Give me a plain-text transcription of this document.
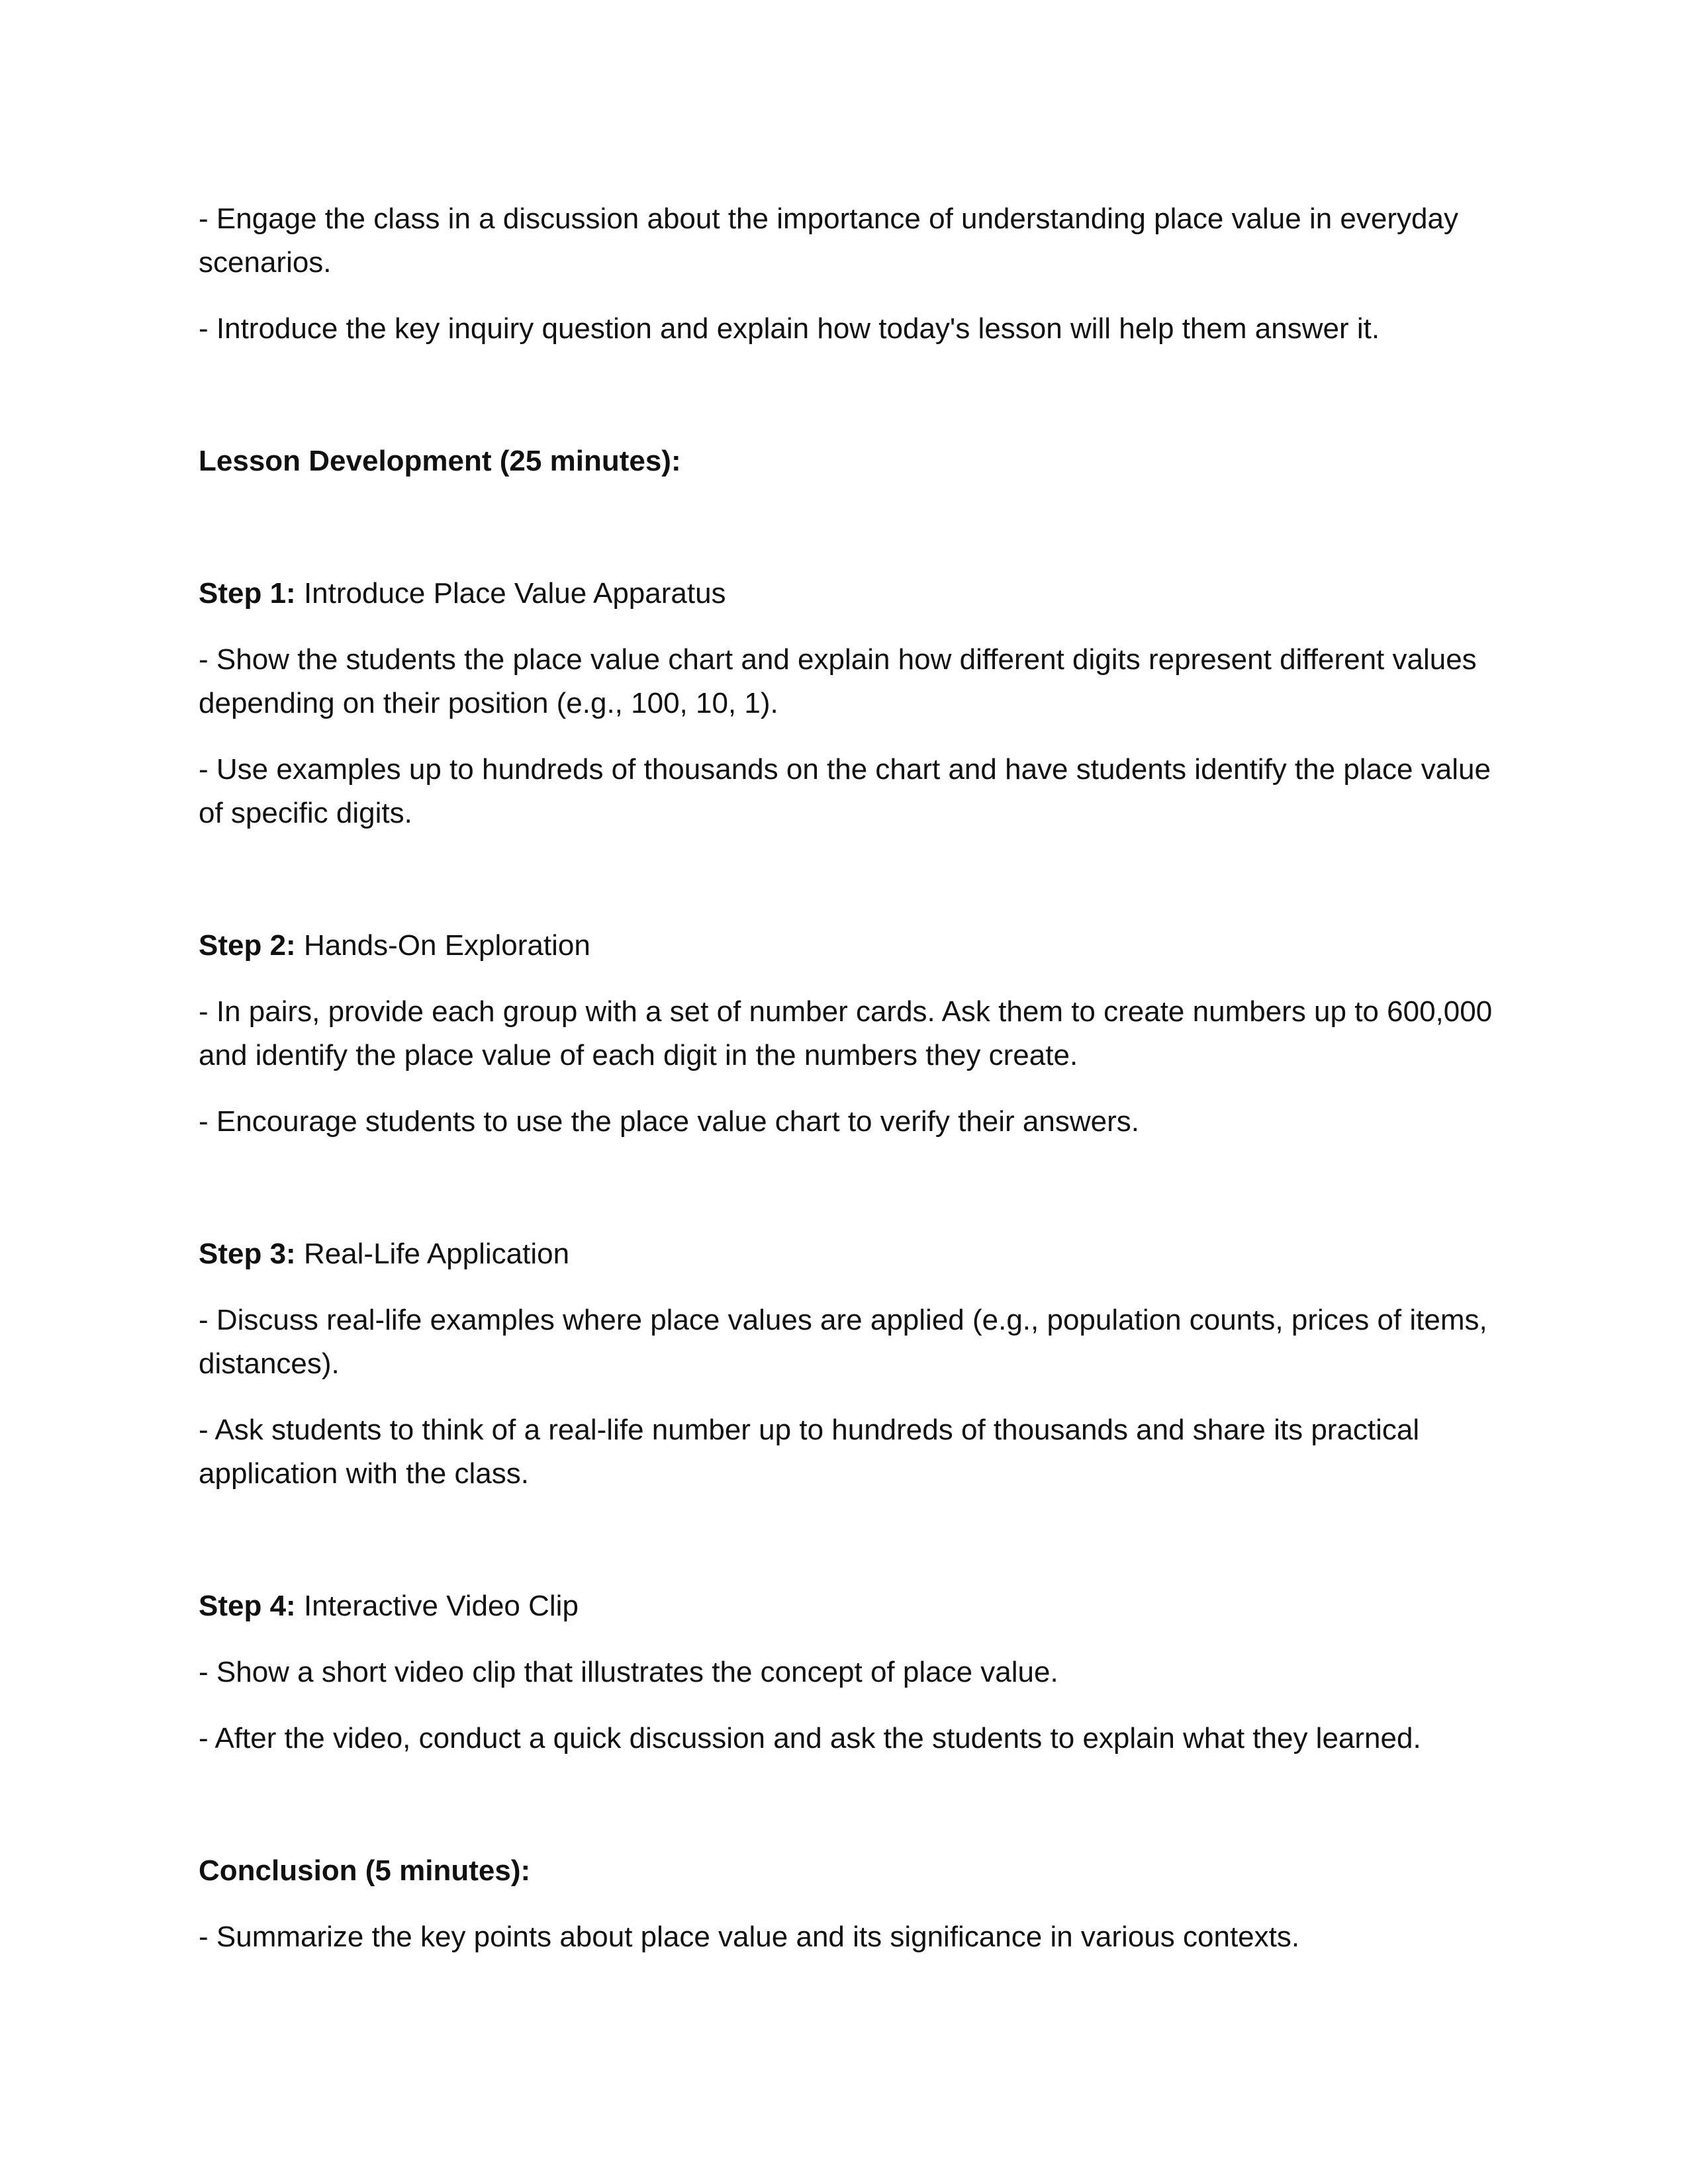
- Engage the class in a discussion about the importance of understanding place value in everyday scenarios.

- Introduce the key inquiry question and explain how today's lesson will help them answer it.

Lesson Development (25 minutes):

Step 1: Introduce Place Value Apparatus

- Show the students the place value chart and explain how different digits represent different values depending on their position (e.g., 100, 10, 1).

- Use examples up to hundreds of thousands on the chart and have students identify the place value of specific digits.

Step 2: Hands-On Exploration

- In pairs, provide each group with a set of number cards. Ask them to create numbers up to 600,000 and identify the place value of each digit in the numbers they create.

- Encourage students to use the place value chart to verify their answers.

Step 3: Real-Life Application

- Discuss real-life examples where place values are applied (e.g., population counts, prices of items, distances).

- Ask students to think of a real-life number up to hundreds of thousands and share its practical application with the class.

Step 4: Interactive Video Clip

- Show a short video clip that illustrates the concept of place value.

- After the video, conduct a quick discussion and ask the students to explain what they learned.

Conclusion (5 minutes):

- Summarize the key points about place value and its significance in various contexts.
